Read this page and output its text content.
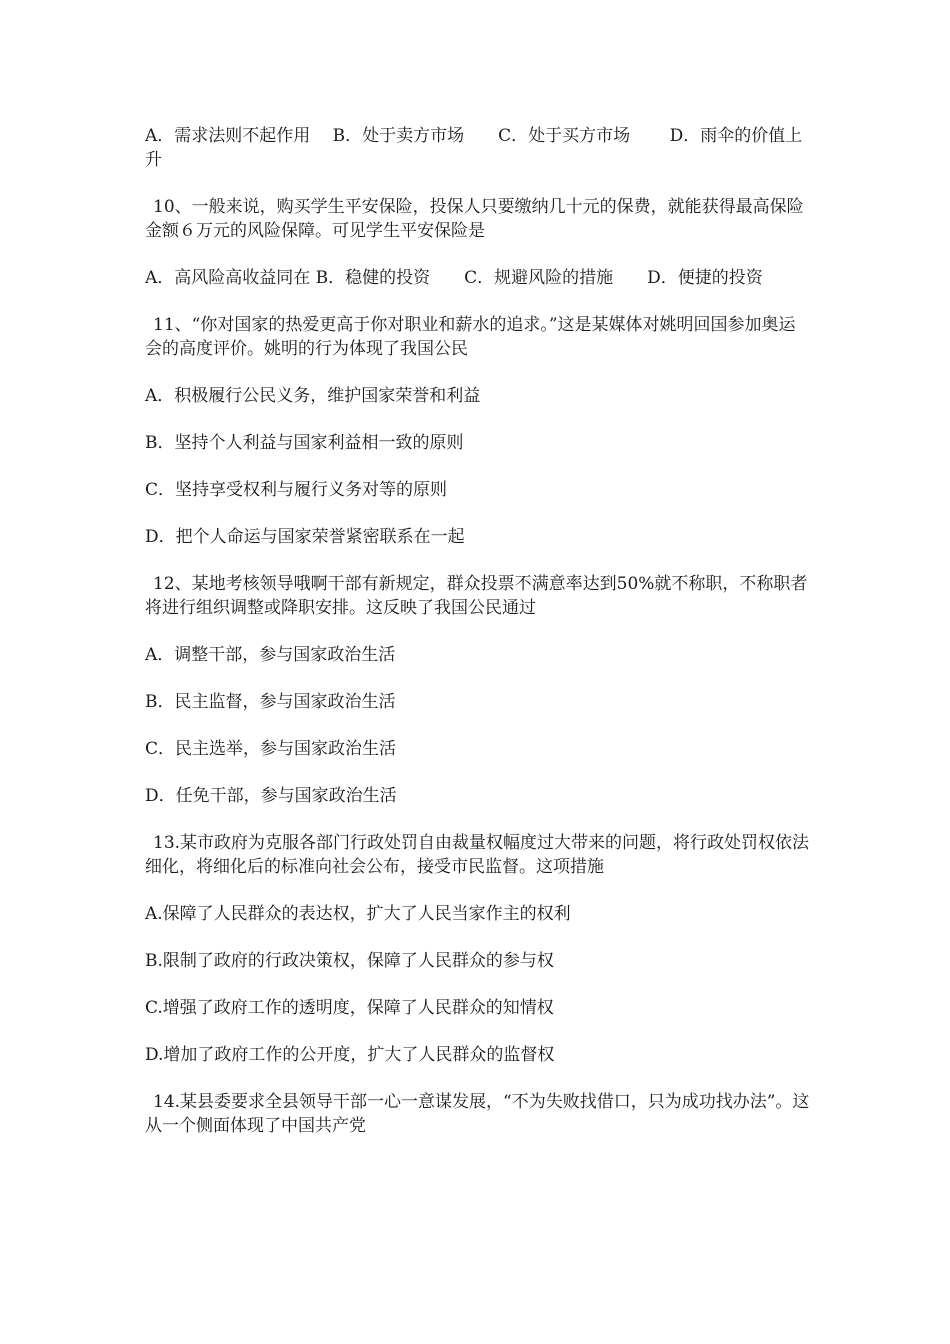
A．需求法则不起作用　 B．处于卖方市场　　C．处于买方市场　　 D．雨伞的价值上升

10、一般来说，购买学生平安保险，投保人只要缴纳几十元的保费，就能获得最高保险金额６万元的风险保障。可见学生平安保险是

A．高风险高收益同在 B．稳健的投资　　C．规避风险的措施　　D．便捷的投资

11、“你对国家的热爱更高于你对职业和薪水的追求。”这是某媒体对姚明回国参加奥运会的高度评价。姚明的行为体现了我国公民

A．积极履行公民义务，维护国家荣誉和利益

B．坚持个人利益与国家利益相一致的原则

C．坚持享受权利与履行义务对等的原则

D．把个人命运与国家荣誉紧密联系在一起

12、某地考核领导哦啊干部有新规定，群众投票不满意率达到50%就不称职，不称职者将进行组织调整或降职安排。这反映了我国公民通过

A．调整干部，参与国家政治生活

B．民主监督，参与国家政治生活

C．民主选举，参与国家政治生活

D．任免干部，参与国家政治生活

13.某市政府为克服各部门行政处罚自由裁量权幅度过大带来的问题，将行政处罚权依法细化，将细化后的标准向社会公布，接受市民监督。这项措施

A.保障了人民群众的表达权，扩大了人民当家作主的权利

B.限制了政府的行政决策权，保障了人民群众的参与权

C.增强了政府工作的透明度，保障了人民群众的知情权

D.增加了政府工作的公开度，扩大了人民群众的监督权

14.某县委要求全县领导干部一心一意谋发展，“不为失败找借口，只为成功找办法”。这从一个侧面体现了中国共产党
